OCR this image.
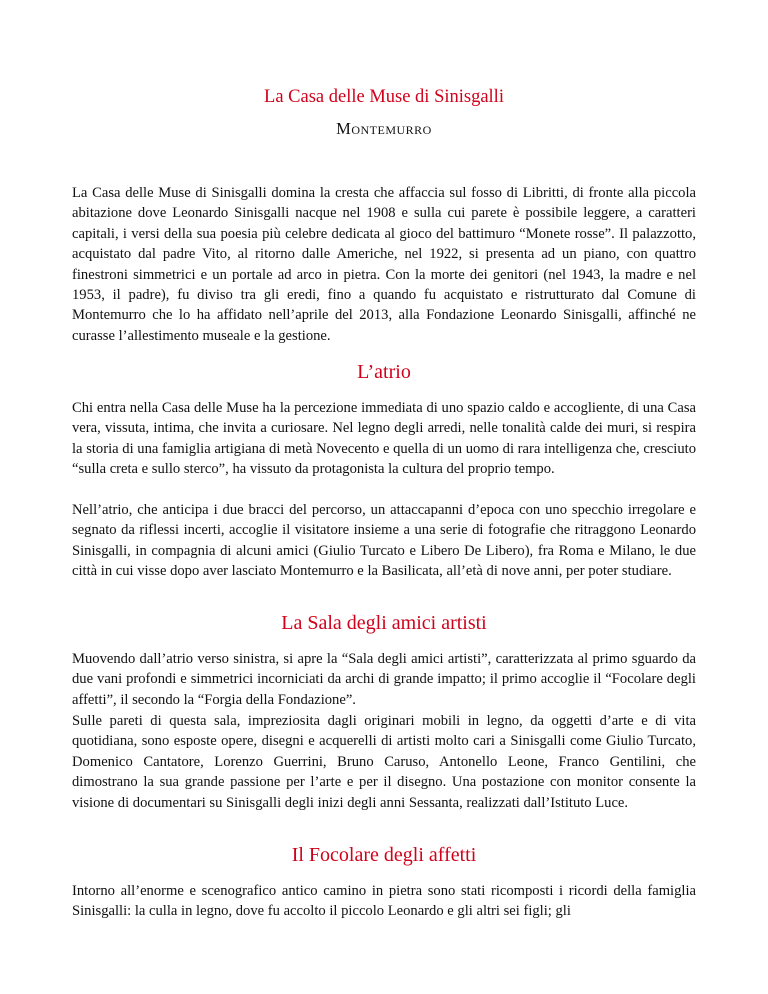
La Casa delle Muse di Sinisgalli
Montemurro

La Casa delle Muse di Sinisgalli domina la cresta che affaccia sul fosso di Libritti, di fronte alla piccola abitazione dove Leonardo Sinisgalli nacque nel 1908 e sulla cui parete è possibile leggere, a caratteri capitali, i versi della sua poesia più celebre dedicata al gioco del battimuro “Monete rosse”. Il palazzotto, acquistato dal padre Vito, al ritorno dalle Americhe, nel 1922, si presenta ad un piano, con quattro finestroni simmetrici e un portale ad arco in pietra. Con la morte dei genitori (nel 1943, la madre e nel 1953, il padre), fu diviso tra gli eredi, fino a quando fu acquistato e ristrutturato dal Comune di Montemurro che lo ha affidato nell’aprile del 2013, alla Fondazione Leonardo Sinisgalli, affinché ne curasse l’allestimento museale e la gestione.

L’atrio

Chi entra nella Casa delle Muse ha la percezione immediata di uno spazio caldo e accogliente, di una Casa vera, vissuta, intima, che invita a curiosare. Nel legno degli arredi, nelle tonalità calde dei muri, si respira la storia di una famiglia artigiana di metà Novecento e quella di un uomo di rara intelligenza che, cresciuto “sulla creta e sullo sterco”, ha vissuto da protagonista la cultura del proprio tempo.

Nell’atrio, che anticipa i due bracci del percorso, un attaccapanni d’epoca con uno specchio irregolare e segnato da riflessi incerti, accoglie il visitatore insieme a una serie di fotografie che ritraggono Leonardo Sinisgalli, in compagnia di alcuni amici (Giulio Turcato e Libero De Libero), fra Roma e Milano, le due città in cui visse dopo aver lasciato Montemurro e la Basilicata, all’età di nove anni, per poter studiare.

La Sala degli amici artisti

Muovendo dall’atrio verso sinistra, si apre la “Sala degli amici artisti”, caratterizzata al primo sguardo da due vani profondi e simmetrici incorniciati da archi di grande impatto; il primo accoglie il “Focolare degli affetti”, il secondo la “Forgia della Fondazione”.

Sulle pareti di questa sala, impreziosita dagli originari mobili in legno, da oggetti d’arte e di vita quotidiana, sono esposte opere, disegni e acquerelli di artisti molto cari a Sinisgalli come Giulio Turcato, Domenico Cantatore, Lorenzo Guerrini, Bruno Caruso, Antonello Leone, Franco Gentilini, che dimostrano la sua grande passione per l’arte e per il disegno. Una postazione con monitor consente la visione di documentari su Sinisgalli degli inizi degli anni Sessanta, realizzati dall’Istituto Luce.

Il Focolare degli affetti

Intorno all’enorme e scenografico antico camino in pietra sono stati ricomposti i ricordi della famiglia Sinisgalli: la culla in legno, dove fu accolto il piccolo Leonardo e gli altri sei figli; gli
